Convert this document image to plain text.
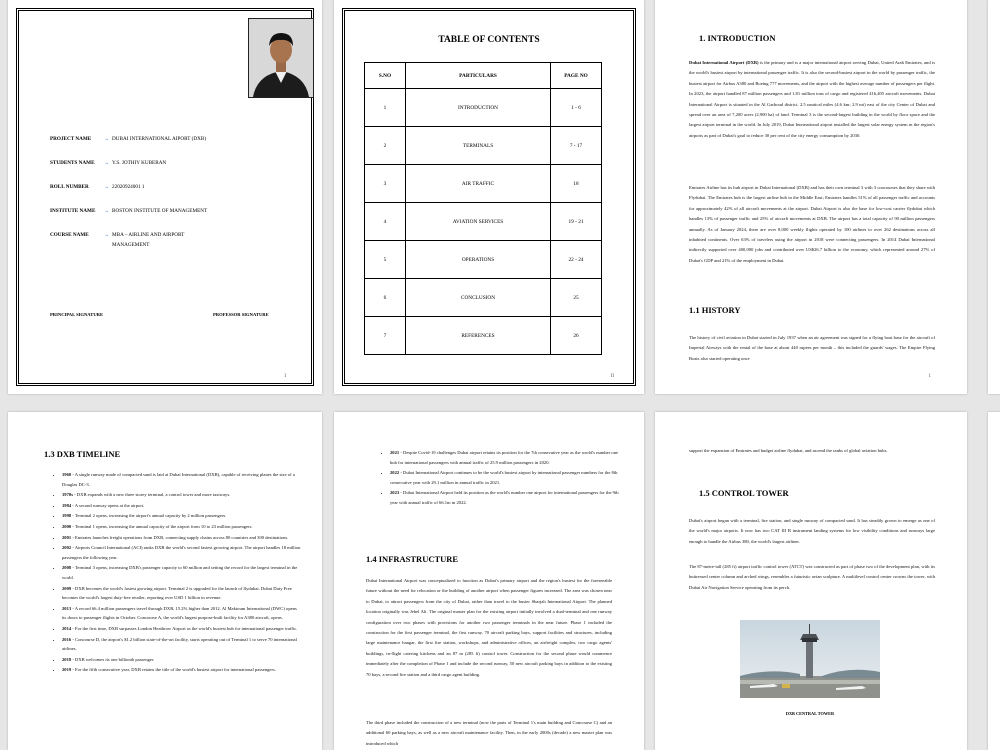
PROJECT NAME	→ DUBAI INTERNATIONAL AIPORT (DXB)
STUDENTS NAME	→ Y.S. JOTHIY KUBERAN
ROLL NUMBER	→ 22020924001 1
INSTITUTE NAME	→ BOSTON INSTITUTE OF MANAGEMENT
COURSE NAME	→ MBA – AIRLINE AND AIRPORT MANAGEMENT
PRINCIPAL SIGNATURE	PROFESSOR SIGNATURE
I
TABLE OF CONTENTS
S.NO	PARTICULARS	PAGE NO
1	INTRODUCTION	1 - 6
2	TERMINALS	7 - 17
3	AIR TRAFFIC	18
4	AVIATION SERVICES	19 - 21
5	OPERATIONS	22 - 24
6	CONCLUSION	25
7	REFERENCES	26
II
1. INTRODUCTION
Dubai International Airport (DXB) is the primary and is a major international airport serving Dubai, United Arab Emirates, and is the world's busiest airport by international passenger traffic. It is also the second-busiest airport in the world by passenger traffic, the busiest airport for Airbus A380 and Boeing 777 movements, and the airport with the highest average number of passengers per flight. In 2023, the airport handled 87 million passengers and 1.81 million tons of cargo and registered 416,405 aircraft movements. Dubai International Airport is situated in the Al Garhoud district, 2.5 nautical miles (4.6 km; 2.9 mi) east of the city Center of Dubai and spread over an area of 7,200 acres (2,900 ha) of land. Terminal 3 is the second-largest building in the world by floor space and the largest airport terminal in the world. In July 2019, Dubai International airport installed the largest solar energy system in the region's airports as part of Dubai's goal to reduce 30 per cent of the city energy consumption by 2030.
Emirates Airline has its hub airport in Dubai International (DXB) and has their own terminal 3 with 3 concourses that they share with Flydubai. The Emirates hub is the largest airline hub in the Middle East; Emirates handles 51% of all passenger traffic and accounts for approximately 42% of all aircraft movements at the airport. Dubai Airport is also the base for low-cost carrier flydubai which handles 13% of passenger traffic and 25% of aircraft movements at DXB. The airport has a total capacity of 90 million passengers annually. As of January 2024, there are over 8,000 weekly flights operated by 100 airlines to over 262 destinations across all inhabited continents. Over 63% of travelers using the airport in 2018 were connecting passengers. In 2014 Dubai International indirectly supported over 400,000 jobs and contributed over US$26.7 billion to the economy, which represented around 27% of Dubai's GDP and 21% of the employment in Dubai.
1.1 HISTORY
The history of civil aviation in Dubai started in July 1937 when an air agreement was signed for a flying boat base for the aircraft of Imperial Airways with the rental of the base at about 440 rupees per month – this included the guards' wages. The Empire Flying Boats also started operating once
1
1.3 DXB TIMELINE
• 1960 - A single runway made of compacted sand is laid at Dubai International (DXB), capable of receiving planes the size of a Douglas DC-3.
• 1970s - DXB expands with a new three storey terminal, a control tower and more taxiways.
• 1984 - A second runway opens at the airport.
• 1998 - Terminal 2 opens, increasing the airport's annual capacity by 2 million passengers.
• 2000 - Terminal 1 opens, increasing the annual capacity of the airport from 10 to 23 million passengers.
• 2001 - Emirates launches freight operations from DXB, connecting supply chains across 80 countries and 300 destinations.
• 2002 - Airports Council International (ACI) ranks DXB the world's second fastest growing airport. The airport handles 18 million passengers the following year.
• 2008 - Terminal 3 opens, increasing DXB's passenger capacity to 60 million and setting the record for the largest terminal in the world.
• 2009 - DXB becomes the world's fastest growing airport. Terminal 2 is upgraded for the launch of flydubai. Dubai Duty Free becomes the world's largest duty-free retailer, reporting over USD 1 billion in revenue.
• 2013 - A record 66.4 million passengers travel through DXB, 15.2% higher than 2012. Al Maktoum International (DWC) opens its doors to passenger flights in October. Concourse A, the world's largest purpose-built facility for A380 aircraft, opens.
• 2014 - For the first time, DXB surpasses London Heathrow Airport as the world's busiest hub for international passenger traffic.
• 2016 - Concourse D, the airport's $1.2 billion state-of-the-art facility, starts operating out of Terminal 1 to serve 70 international airlines.
• 2018 - DXB welcomes its one billionth passenger.
• 2019 - For the fifth consecutive year, DXB retains the title of the world's busiest airport for international passengers.
• 2021 - Despite Covid-19 challenges Dubai airport retains its position for the 7th consecutive year as the world's number one hub for international passengers with annual traffic of 25.9 million passengers in 2020.
• 2022 - Dubai International Airport continues to be the world's busiest airport by international passenger numbers for the 8th consecutive year with 29.1 million in annual traffic in 2021.
• 2023 - Dubai International Airport held its position as the world's number one airport for international passengers for the 9th year with annual traffic of 66.1m in 2022.
1.4 INFRASTRUCTURE
Dubai International Airport was conceptualized to function as Dubai's primary airport and the region's busiest for the foreseeable future without the need for relocation or the building of another airport when passenger figures increased. The area was chosen near to Dubai, to attract passengers from the city of Dubai, rather than travel to the busier Sharjah International Airport. The planned location originally was Jebel Ali. The original master plan for the existing airport initially involved a dual-terminal and one runway configuration over two phases with provisions for another two passenger terminals in the near future. Phase 1 included the construction for the first passenger terminal, the first runway, 70 aircraft parking bays, support facilities and structures, including large maintenance hangar, the first fire station, workshops, and administrative offices, an airfreight complex, two cargo agents' buildings, in-flight catering kitchens and an 87 m (285 ft) control tower. Construction for the second phase would commence immediately after the completion of Phase 1 and include the second runway, 50 new aircraft parking bays in addition to the existing 70 bays, a second fire station and a third cargo agent building.
The third phase included the construction of a new terminal (now the parts of Terminal 1's main building and Concourse C) and an additional 60 parking bays, as well as a new aircraft maintenance facility. Then, in the early 2000s (decade) a new master plan was introduced which
support the expansion of Emirates and budget airline flydubai, and ascend the ranks of global aviation hubs.
1.5 CONTROL TOWER
Dubai's airport began with a terminal, fire station, and single runway of compacted sand. It has steadily grown to emerge as one of the world's major airports. It now has two CAT III B instrument landing systems for low visibility conditions and runways large enough to handle the Airbus 380, the world's largest airliner.
The 87-metre-tall (285 ft) airport traffic control tower (ATCT) was constructed as part of phase two of the development plan, with its buttressed center column and arched wings, resembles a futuristic avian sculpture. A multilevel control center crowns the tower, with Dubai Air Navigation Service operating from its perch.
DXB CENTRAL TOWER
